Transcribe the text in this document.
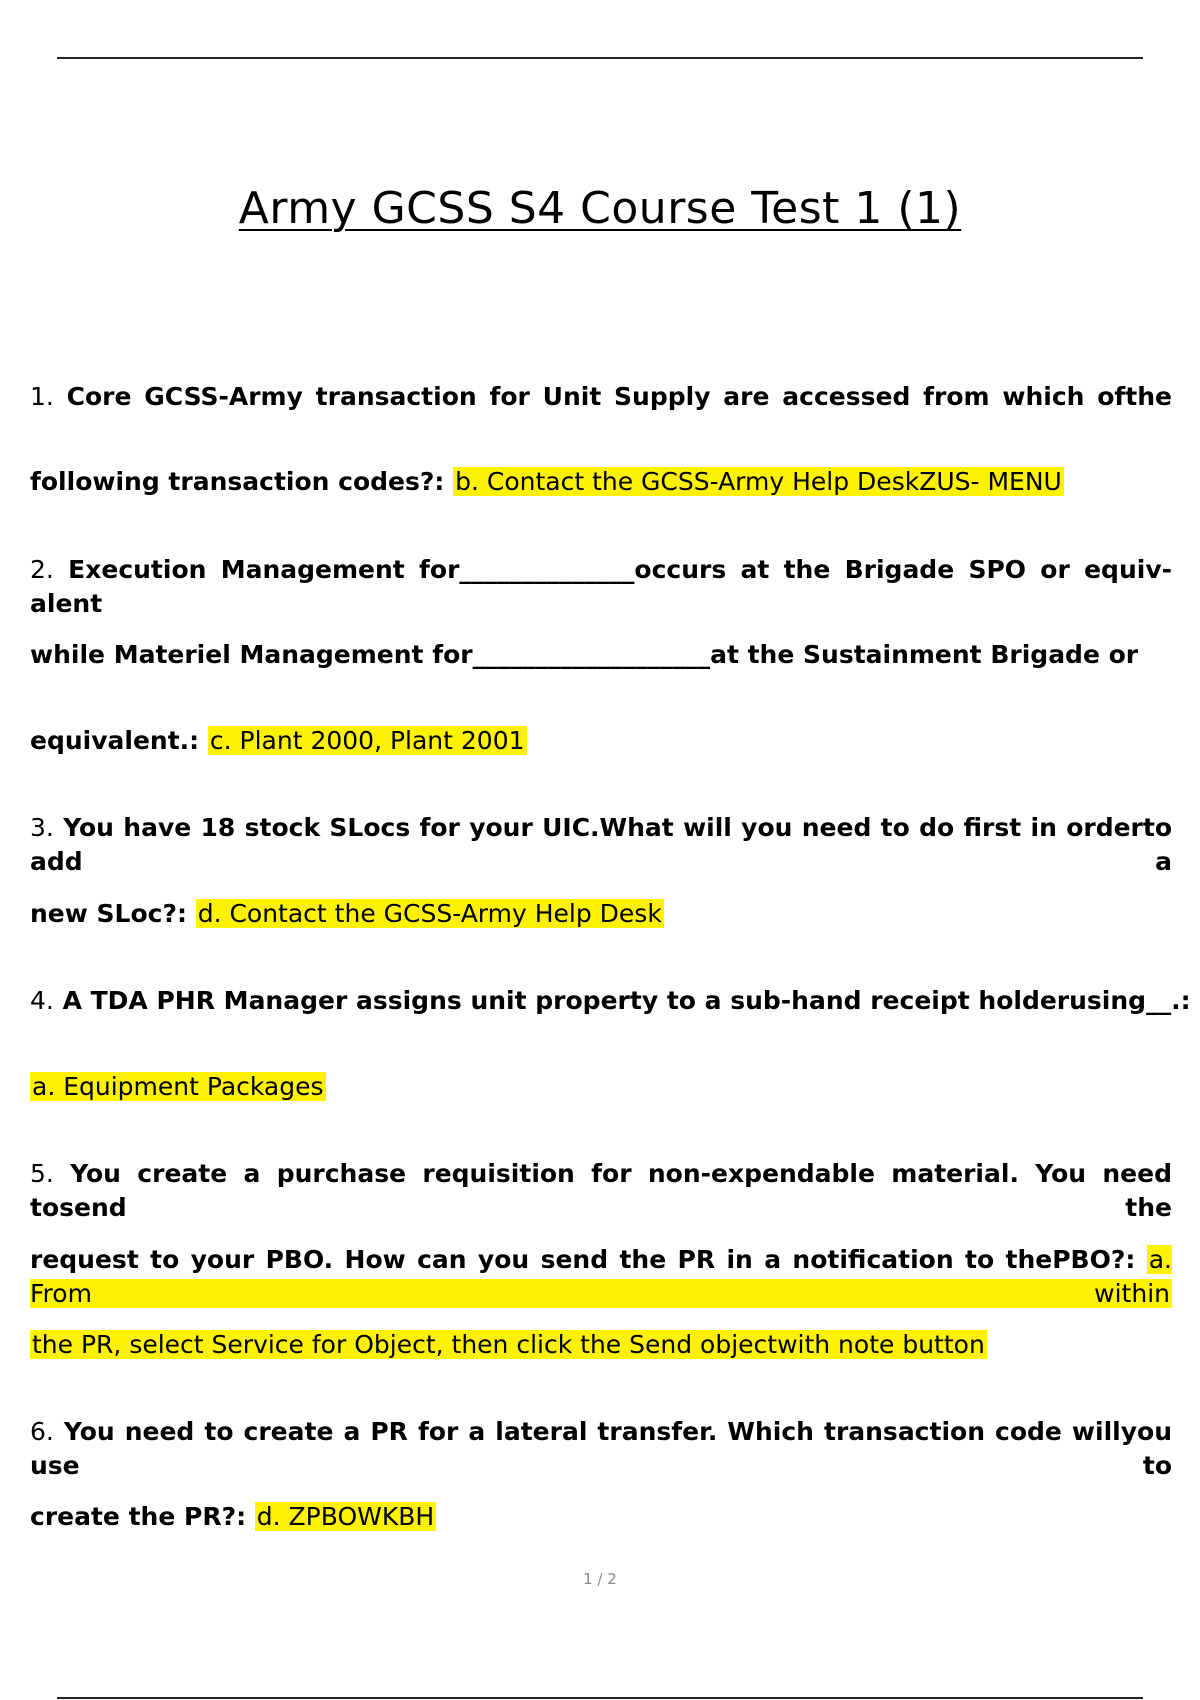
Army GCSS S4 Course Test 1 (1)
1. Core GCSS-Army transaction for Unit Supply are accessed from which ofthe
following transaction codes?: b. Contact the GCSS-Army Help DeskZUS- MENU
2. Execution Management for______________occurs at the Brigade SPO or equiv- alent
while Materiel Management for___________________at the Sustainment Brigade or
equivalent.: c. Plant 2000, Plant 2001
3. You have 18 stock SLocs for your UIC.What will you need to do first in orderto add a
new SLoc?: d. Contact the GCSS-Army Help Desk
4. A TDA PHR Manager assigns unit property to a sub-hand receipt holderusing__.:
a. Equipment Packages
5. You create a purchase requisition for non-expendable material. You need tosend the
request to your PBO. How can you send the PR in a notification to thePBO?: a. From within
the PR, select Service for Object, then click the Send objectwith note button
6. You need to create a PR for a lateral transfer. Which transaction code willyou use to
create the PR?: d. ZPBOWKBH
1 / 2
